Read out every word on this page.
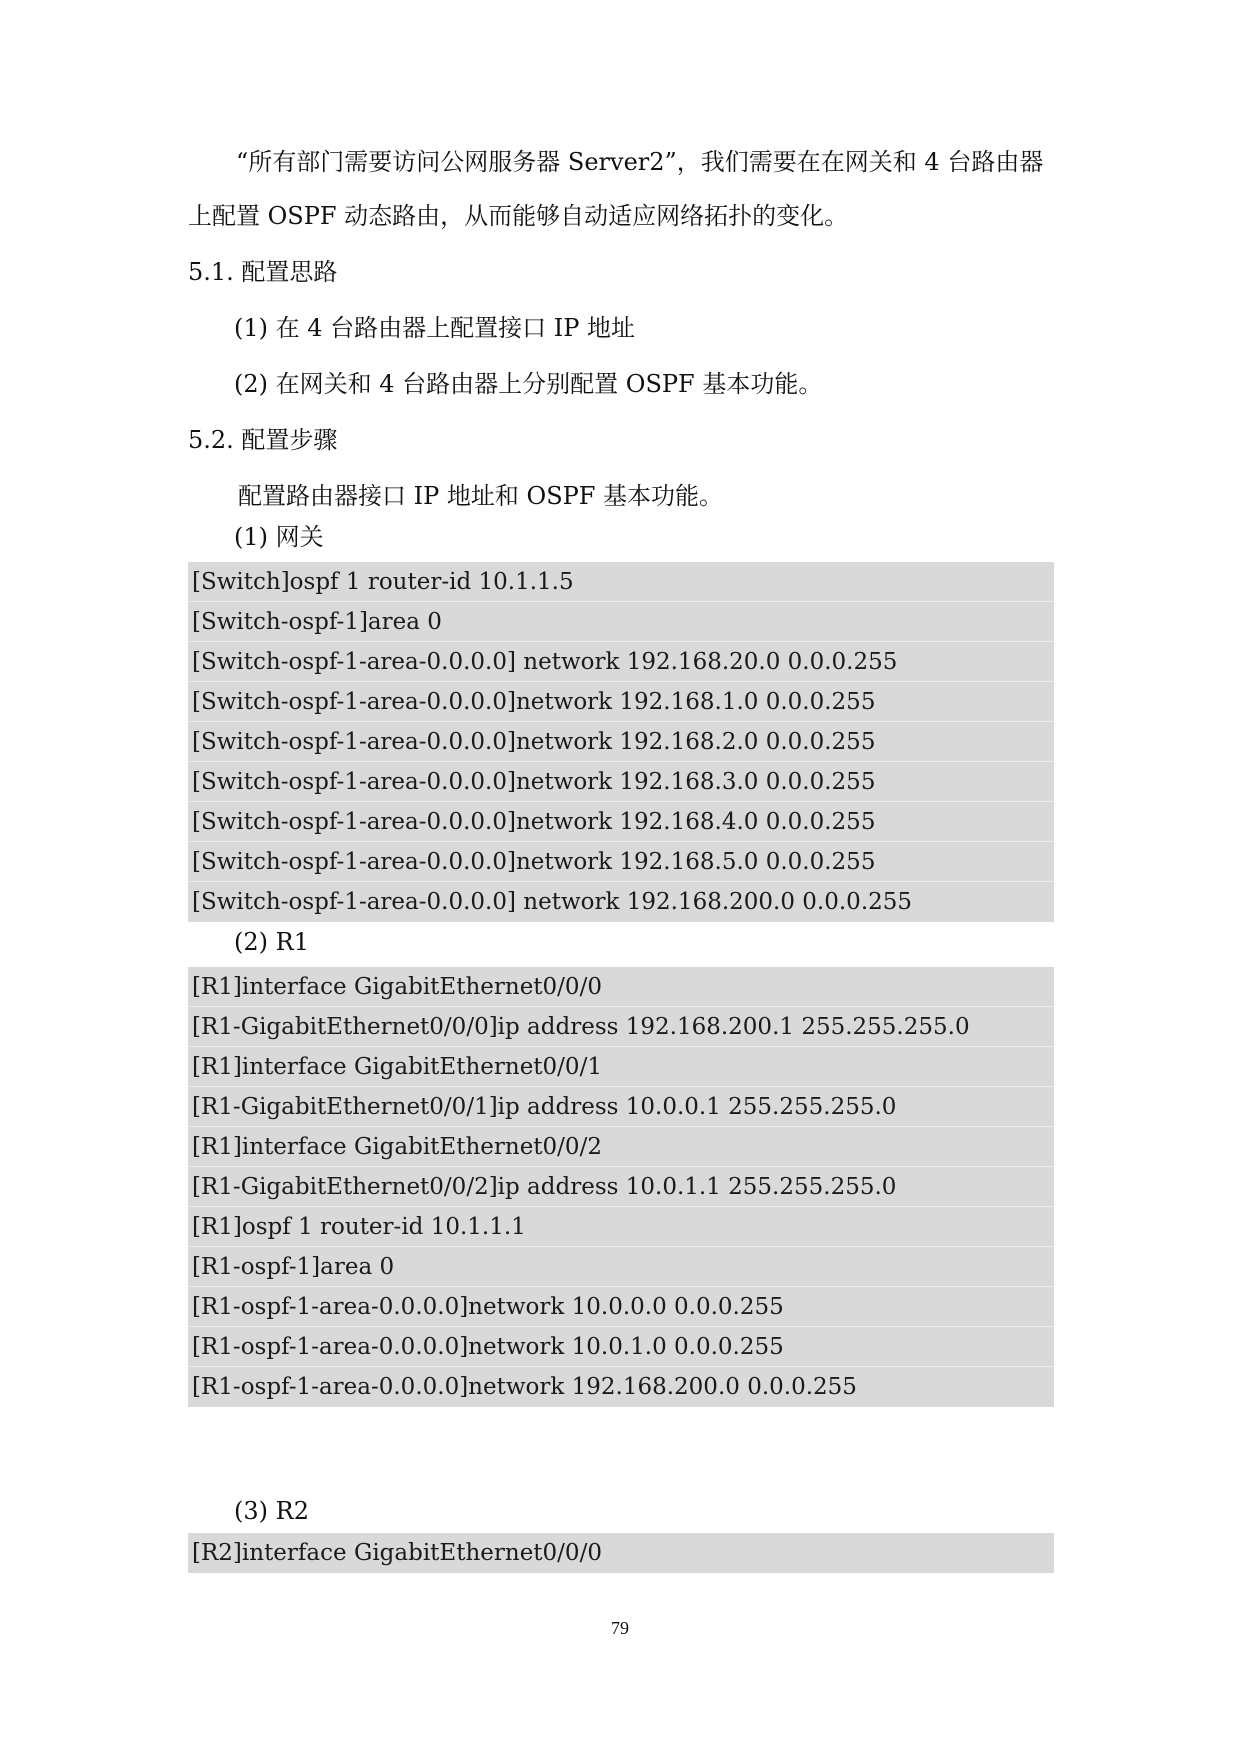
“所有部门需要访问公网服务器 Server2”，我们需要在在网关和 4 台路由器上配置 OSPF 动态路由，从而能够自动适应网络拓扑的变化。

5.1. 配置思路
(1) 在 4 台路由器上配置接口 IP 地址
(2) 在网关和 4 台路由器上分别配置 OSPF 基本功能。
5.2. 配置步骤
配置路由器接口 IP 地址和 OSPF 基本功能。
(1) 网关
[Switch]ospf 1 router-id 10.1.1.5
[Switch-ospf-1]area 0
[Switch-ospf-1-area-0.0.0.0] network 192.168.20.0 0.0.0.255
[Switch-ospf-1-area-0.0.0.0]network 192.168.1.0 0.0.0.255
[Switch-ospf-1-area-0.0.0.0]network 192.168.2.0 0.0.0.255
[Switch-ospf-1-area-0.0.0.0]network 192.168.3.0 0.0.0.255
[Switch-ospf-1-area-0.0.0.0]network 192.168.4.0 0.0.0.255
[Switch-ospf-1-area-0.0.0.0]network 192.168.5.0 0.0.0.255
[Switch-ospf-1-area-0.0.0.0] network 192.168.200.0 0.0.0.255
(2) R1
[R1]interface GigabitEthernet0/0/0
[R1-GigabitEthernet0/0/0]ip address 192.168.200.1 255.255.255.0
[R1]interface GigabitEthernet0/0/1
[R1-GigabitEthernet0/0/1]ip address 10.0.0.1 255.255.255.0
[R1]interface GigabitEthernet0/0/2
[R1-GigabitEthernet0/0/2]ip address 10.0.1.1 255.255.255.0
[R1]ospf 1 router-id 10.1.1.1
[R1-ospf-1]area 0
[R1-ospf-1-area-0.0.0.0]network 10.0.0.0 0.0.0.255
[R1-ospf-1-area-0.0.0.0]network 10.0.1.0 0.0.0.255
[R1-ospf-1-area-0.0.0.0]network 192.168.200.0 0.0.0.255
(3) R2
[R2]interface GigabitEthernet0/0/0
79
